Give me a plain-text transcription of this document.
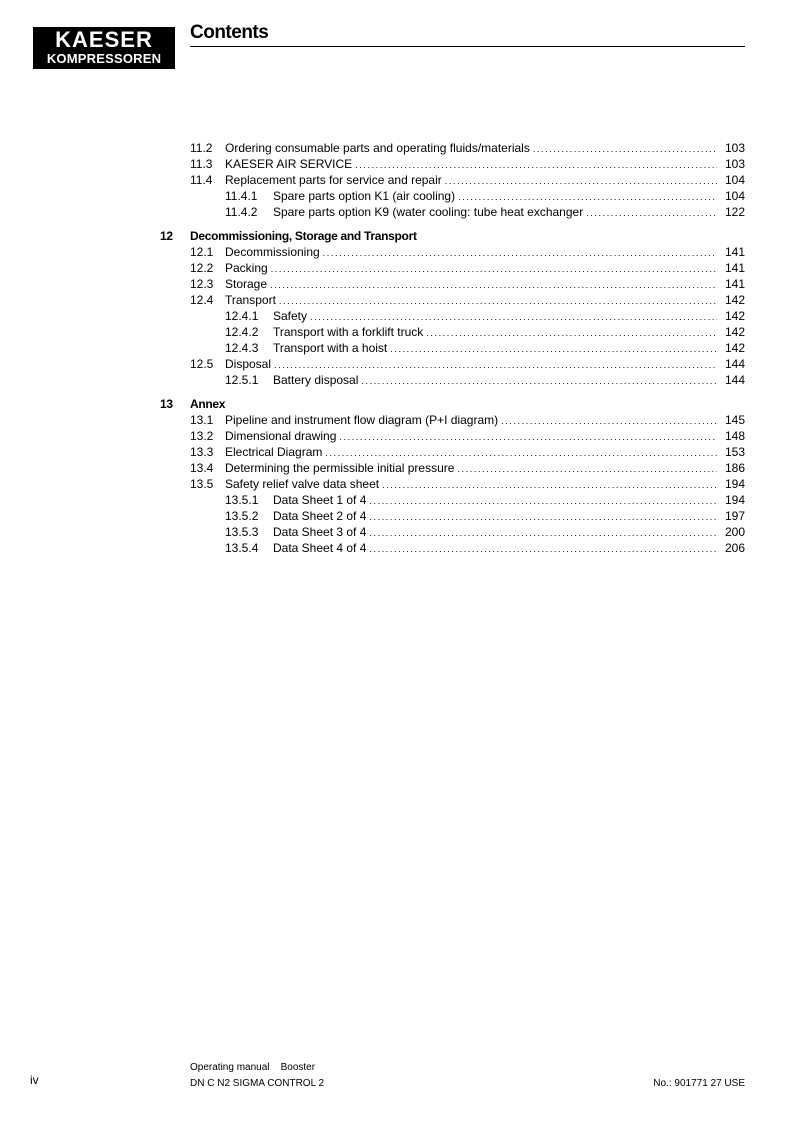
KAESER
KOMPRESSOREN
Contents
11.2	Ordering consumable parts and operating fluids/materials .....	103
11.3	KAESER AIR SERVICE .....	103
11.4	Replacement parts for service and repair .....	104
11.4.1	Spare parts option K1 (air cooling) .....	104
11.4.2	Spare parts option K9 (water cooling: tube heat exchanger .....	122
12	Decommissioning, Storage and Transport
12.1 Decommissioning .....	141
12.2 Packing .....	141
12.3 Storage .....	141
12.4 Transport .....	142
12.4.1	Safety .....	142
12.4.2	Transport with a forklift truck .....	142
12.4.3	Transport with a hoist .....	142
12.5 Disposal .....	144
12.5.1	Battery disposal .....	144
13	Annex
13.1 Pipeline and instrument flow diagram (P+I diagram) .....	145
13.2 Dimensional drawing .....	148
13.3 Electrical Diagram .....	153
13.4 Determining the permissible initial pressure .....	186
13.5 Safety relief valve data sheet .....	194
13.5.1	Data Sheet 1 of 4 .....	194
13.5.2	Data Sheet 2 of 4 .....	197
13.5.3	Data Sheet 3 of 4 .....	200
13.5.4	Data Sheet 4 of 4 .....	206
iv
Operating manual    Booster
DN C N2 SIGMA CONTROL 2	No.: 901771 27 USE
